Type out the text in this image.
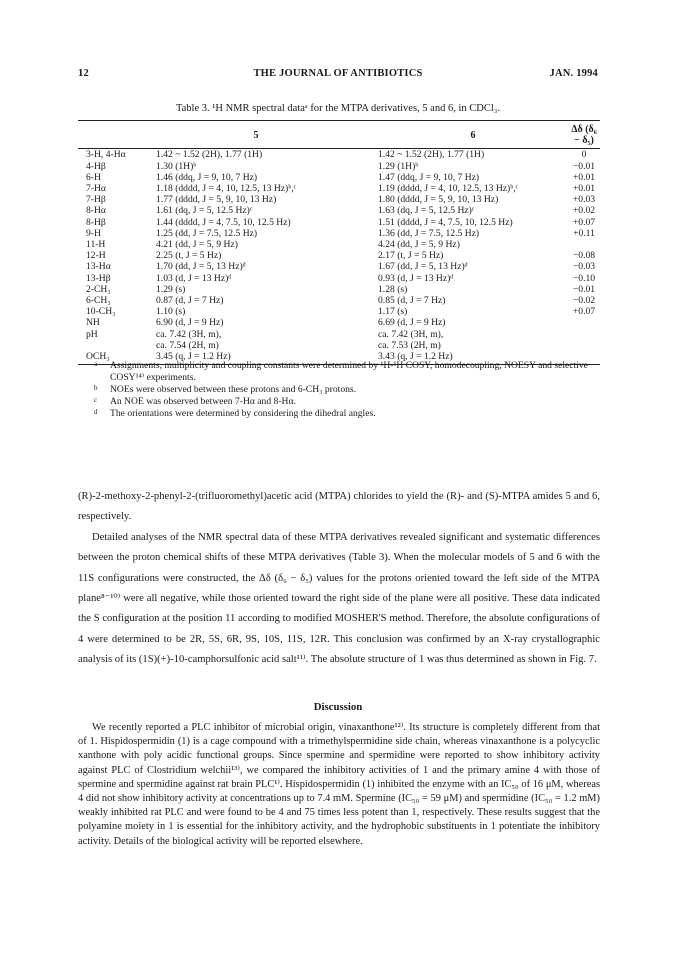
12	THE JOURNAL OF ANTIBIOTICS	JAN. 1994
Table 3. ¹H NMR spectral dataᵃ for the MTPA derivatives, 5 and 6, in CDCl₃.
	5	6	Δδ (δ₆ − δ₅)

3-H, 4-Hα	1.42 ~ 1.52 (2H), 1.77 (1H)	1.42 ~ 1.52 (2H), 1.77 (1H)	0
4-Hβ	1.30 (1H)ᵇ	1.29 (1H)ᵇ	−0.01
6-H	1.46 (ddq, J = 9, 10, 7 Hz)	1.47 (ddq, J = 9, 10, 7 Hz)	+0.01
7-Hα	1.18 (dddd, J = 4, 10, 12.5, 13 Hz)ᵇ,ᶜ	1.19 (dddd, J = 4, 10, 12.5, 13 Hz)ᵇ,ᶜ	+0.01
7-Hβ	1.77 (dddd, J = 5, 9, 10, 13 Hz)	1.80 (dddd, J = 5, 9, 10, 13 Hz)	+0.03
8-Hα	1.61 (dq, J = 5, 12.5 Hz)ᶜ	1.63 (dq, J = 5, 12.5 Hz)ᶜ	+0.02
8-Hβ	1.44 (dddd, J = 4, 7.5, 10, 12.5 Hz)	1.51 (dddd, J = 4, 7.5, 10, 12.5 Hz)	+0.07
9-H	1.25 (dd, J = 7.5, 12.5 Hz)	1.36 (dd, J = 7.5, 12.5 Hz)	+0.11
11-H	4.21 (dd, J = 5, 9 Hz)	4.24 (dd, J = 5, 9 Hz)	
12-H	2.25 (t, J = 5 Hz)	2.17 (t, J = 5 Hz)	−0.08
13-Hα	1.70 (dd, J = 5, 13 Hz)ᵈ	1.67 (dd, J = 5, 13 Hz)ᵈ	−0.03
13-Hβ	1.03 (d, J = 13 Hz)ᵈ	0.93 (d, J = 13 Hz)ᵈ	−0.10
2-CH₃	1.29 (s)	1.28 (s)	−0.01
6-CH₃	0.87 (d, J = 7 Hz)	0.85 (d, J = 7 Hz)	−0.02
10-CH₃	1.10 (s)	1.17 (s)	+0.07
NH	6.90 (d, J = 9 Hz)	6.69 (d, J = 9 Hz)	
pH	ca. 7.42 (3H, m),	ca. 7.42 (3H, m),	
	ca. 7.54 (2H, m)	ca. 7.53 (2H, m)	
OCH₃	3.45 (q, J = 1.2 Hz)	3.43 (q, J = 1.2 Hz)	
a Assignments, multiplicity and coupling constants were determined by ¹H-¹H COSY, homodecoupling, NOESY and selective COSY¹⁴⁾ experiments.
b NOEs were observed between these protons and 6-CH₃ protons.
c An NOE was observed between 7-Hα and 8-Hα.
d The orientations were determined by considering the dihedral angles.

(R)-2-methoxy-2-phenyl-2-(trifluoromethyl)acetic acid (MTPA) chlorides to yield the (R)- and (S)-MTPA amides 5 and 6, respectively.

Detailed analyses of the NMR spectral data of these MTPA derivatives revealed significant and systematic differences between the proton chemical shifts of these MTPA derivatives (Table 3). When the molecular models of 5 and 6 with the 11S configurations were constructed, the Δδ (δ₆ − δ₅) values for the protons oriented toward the left side of the MTPA plane⁸⁻¹⁰⁾ were all negative, while those oriented toward the right side of the plane were all positive. These data indicated the S configuration at the position 11 according to modified MOSHER'S method. Therefore, the absolute configurations of 4 were determined to be 2R, 5S, 6R, 9S, 10S, 11S, 12R. This conclusion was confirmed by an X-ray crystallographic analysis of its (1S)(+)-10-camphorsulfonic acid salt¹¹⁾. The absolute structure of 1 was thus determined as shown in Fig. 7.

Discussion

We recently reported a PLC inhibitor of microbial origin, vinaxanthone¹²⁾. Its structure is completely different from that of 1. Hispidospermidin (1) is a cage compound with a trimethylspermidine side chain, whereas vinaxanthone is a polycyclic xanthone with poly acidic functional groups. Since spermine and spermidine were reported to show inhibitory activity against PLC of Clostridium welchii¹³⁾, we compared the inhibitory activities of 1 and the primary amine 4 with those of spermine and spermidine against rat brain PLC¹⁾. Hispidospermidin (1) inhibited the enzyme with an IC₅₀ of 16 μM, whereas 4 did not show inhibitory activity at concentrations up to 7.4 mM. Spermine (IC₅₀ = 59 μM) and spermidine (IC₅₀ = 1.2 mM) weakly inhibited rat PLC and were found to be 4 and 75 times less potent than 1, respectively. These results suggest that the polyamine moiety in 1 is essential for the inhibitory activity, and the hydrophobic substituents in 1 potentiate the inhibitory activity. Details of the biological activity will be reported elsewhere.
